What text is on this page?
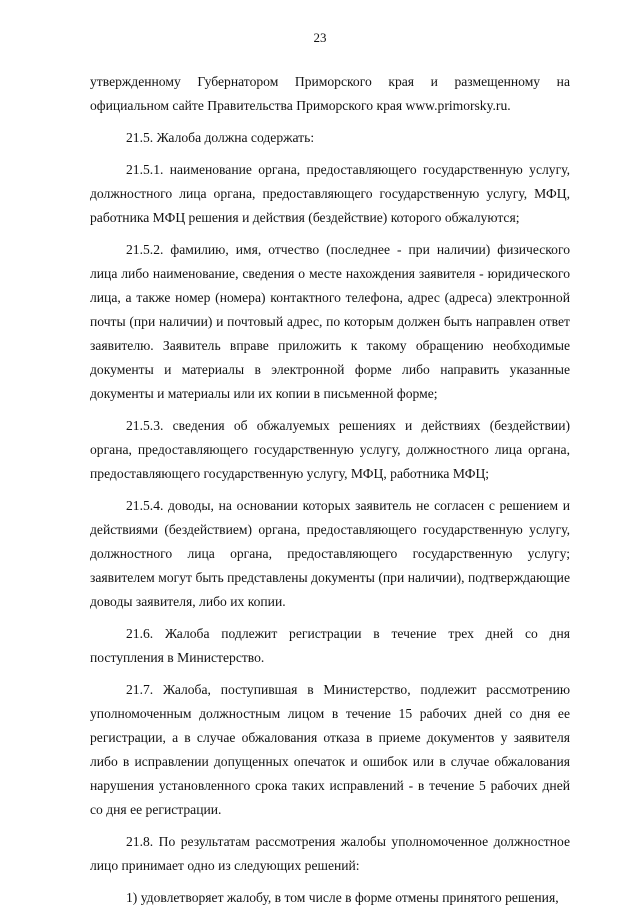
23

утвержденному Губернатором Приморского края и размещенному на официальном сайте Правительства Приморского края www.primorsky.ru.

21.5. Жалоба должна содержать:

21.5.1. наименование органа, предоставляющего государственную услугу, должностного лица органа, предоставляющего государственную услугу, МФЦ, работника МФЦ решения и действия (бездействие) которого обжалуются;

21.5.2. фамилию, имя, отчество (последнее - при наличии) физического лица либо наименование, сведения о месте нахождения заявителя - юридического лица, а также номер (номера) контактного телефона, адрес (адреса) электронной почты (при наличии) и почтовый адрес, по которым должен быть направлен ответ заявителю. Заявитель вправе приложить к такому обращению необходимые документы и материалы в электронной форме либо направить указанные документы и материалы или их копии в письменной форме;

21.5.3. сведения об обжалуемых решениях и действиях (бездействии) органа, предоставляющего государственную услугу, должностного лица органа, предоставляющего государственную услугу, МФЦ, работника МФЦ;

21.5.4. доводы, на основании которых заявитель не согласен с решением и действиями (бездействием) органа, предоставляющего государственную услугу, должностного лица органа, предоставляющего государственную услугу; заявителем могут быть представлены документы (при наличии), подтверждающие доводы заявителя, либо их копии.

21.6. Жалоба подлежит регистрации в течение трех дней со дня поступления в Министерство.

21.7. Жалоба, поступившая в Министерство, подлежит рассмотрению уполномоченным должностным лицом в течение 15 рабочих дней со дня ее регистрации, а в случае обжалования отказа в приеме документов у заявителя либо в исправлении допущенных опечаток и ошибок или в случае обжалования нарушения установленного срока таких исправлений - в течение 5 рабочих дней со дня ее регистрации.

21.8. По результатам рассмотрения жалобы уполномоченное должностное лицо принимает одно из следующих решений:

1) удовлетворяет жалобу, в том числе в форме отмены принятого решения,
